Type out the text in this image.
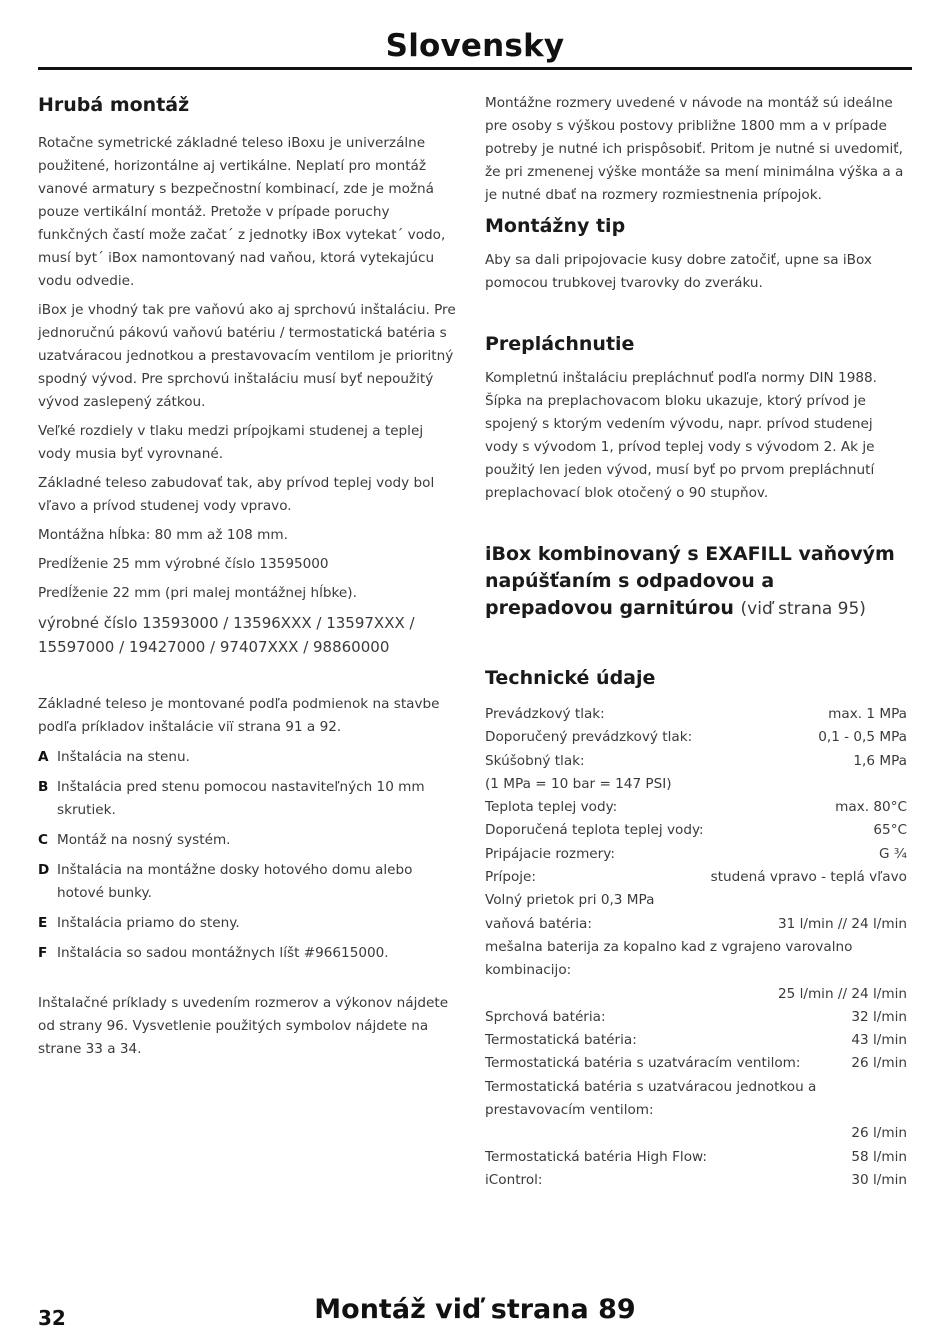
Slovensky
Hrubá montáž

Rotačne symetrické základné teleso iBoxu je univerzálne použitené, horizontálne aj vertikálne. Neplatí pro montáž vanové armatury s bezpečnostní kombinací, zde je možná pouze vertikální montáž. Pretože v prípade poruchy funkčných častí može začat´ z jednotky iBox vytekat´ vodo, musí byt´ iBox namontovaný nad vaňou, ktorá vytekajúcu vodu odvedie.

iBox je vhodný tak pre vaňovú ako aj sprchovú inštaláciu. Pre jednoručnú pákovú vaňovú batériu / termostatická batéria s uzatváracou jednotkou a prestavovacím ventilom je prioritný spodný vývod. Pre sprchovú inštaláciu musí byť nepoužitý vývod zaslepený zátkou.

Veľké rozdiely v tlaku medzi prípojkami studenej a teplej vody musia byť vyrovnané.

Základné teleso zabudovať tak, aby prívod teplej vody bol vľavo a prívod studenej vody vpravo.

Montážna hĺbka: 80 mm až 108 mm.

Predĺženie 25 mm výrobné číslo 13595000

Predĺženie 22 mm (pri malej montážnej hĺbke).

výrobné číslo 13593000 / 13596XXX / 13597XXX / 15597000 / 19427000 / 97407XXX / 98860000

Základné teleso je montované podľa podmienok na stavbe podľa príkladov inštalácie viï strana 91 a 92.

A Inštalácia na stenu.
B Inštalácia pred stenu pomocou nastaviteľných 10 mm skrutiek.
C Montáž na nosný systém.
D Inštalácia na montážne dosky hotového domu alebo hotové bunky.
E Inštalácia priamo do steny.
F Inštalácia so sadou montážnych líšt #96615000.

Inštalačné príklady s uvedením rozmerov a výkonov nájdete od strany 96. Vysvetlenie použitých symbolov nájdete na strane 33 a 34.

Montážne rozmery uvedené v návode na montáž sú ideálne pre osoby s výškou postovy približne 1800 mm a v prípade potreby je nutné ich prispôsobiť. Pritom je nutné si uvedomiť, že pri zmenenej výške montáže sa mení minimálna výška a a je nutné dbať na rozmery rozmiestnenia prípojok.

Montážny tip

Aby sa dali pripojovacie kusy dobre zatočiť, upne sa iBox pomocou trubkovej tvarovky do zveráku.

Prepláchnutie

Kompletnú inštaláciu prepláchnuť podľa normy DIN 1988. Šípka na preplachovacom bloku ukazuje, ktorý prívod je spojený s ktorým vedením vývodu, napr. prívod studenej vody s vývodom 1, prívod teplej vody s vývodom 2. Ak je použitý len jeden vývod, musí byť po prvom prepláchnutí preplachovací blok otočený o 90 stupňov.

iBox kombinovaný s EXAFILL vaňovým napúšťaním s odpadovou a prepadovou garnitúrou (viď strana 95)
Technické údaje
Prevádzkový tlak:	max. 1 MPa
Doporučený prevádzkový tlak:	0,1 - 0,5 MPa
Skúšobný tlak:	1,6 MPa
(1 MPa = 10 bar = 147 PSI)
Teplota teplej vody:	max. 80°C
Doporučená teplota teplej vody:	65°C
Pripájacie rozmery:	G ¾
Prípoje:	studená vpravo - teplá vľavo
Volný prietok pri 0,3 MPa
vaňová batéria:	31 l/min // 24 l/min
mešalna baterija za kopalno kad z vgrajeno varovalno kombinacijo:
25 l/min // 24 l/min
Sprchová batéria:	32 l/min
Termostatická batéria:	43 l/min
Termostatická batéria s uzatváracím ventilom:	26 l/min
Termostatická batéria s uzatváracou jednotkou a prestavovacím ventilom:
26 l/min
Termostatická batéria High Flow:	58 l/min
iControl:	30 l/min
32	Montáž viď strana 89
